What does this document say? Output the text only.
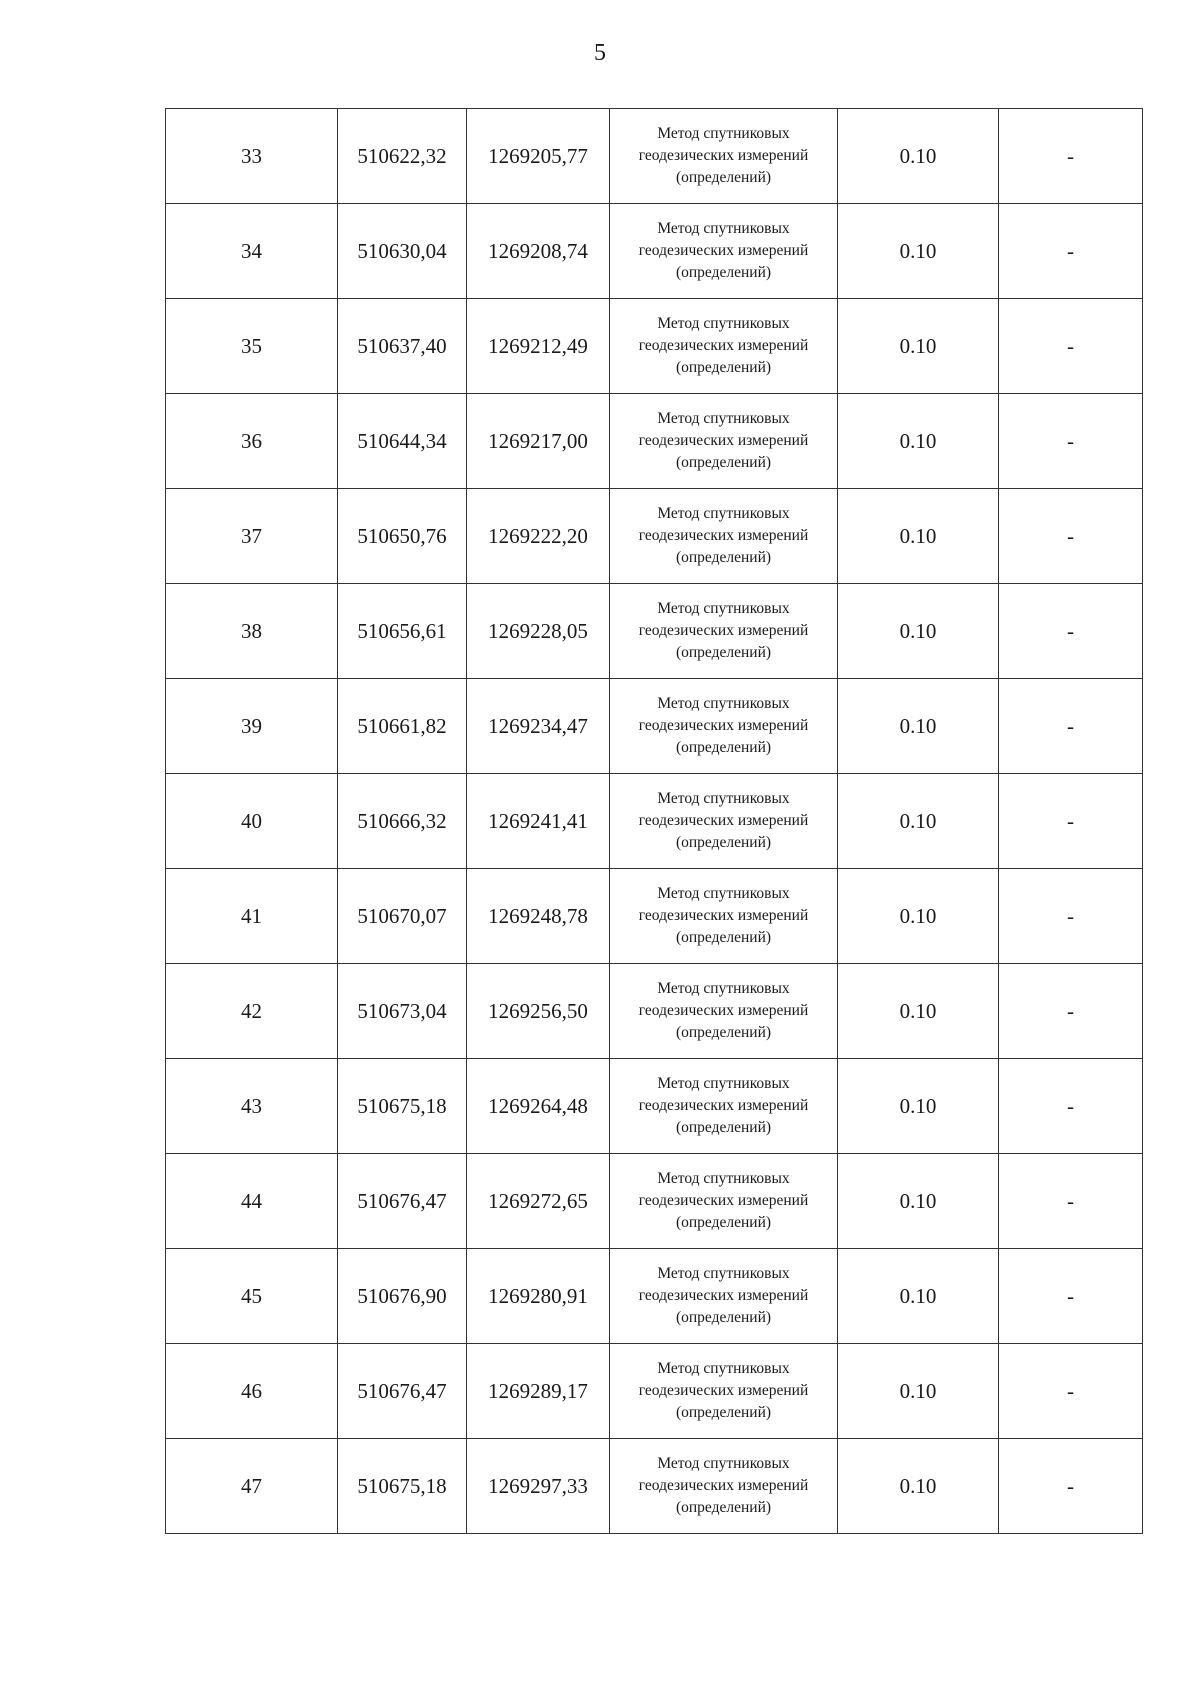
5
33	510622,32	1269205,77	Метод спутниковых
геодезических измерений
(определений)	0.10	-
34	510630,04	1269208,74	Метод спутниковых
геодезических измерений
(определений)	0.10	-
35	510637,40	1269212,49	Метод спутниковых
геодезических измерений
(определений)	0.10	-
36	510644,34	1269217,00	Метод спутниковых
геодезических измерений
(определений)	0.10	-
37	510650,76	1269222,20	Метод спутниковых
геодезических измерений
(определений)	0.10	-
38	510656,61	1269228,05	Метод спутниковых
геодезических измерений
(определений)	0.10	-
39	510661,82	1269234,47	Метод спутниковых
геодезических измерений
(определений)	0.10	-
40	510666,32	1269241,41	Метод спутниковых
геодезических измерений
(определений)	0.10	-
41	510670,07	1269248,78	Метод спутниковых
геодезических измерений
(определений)	0.10	-
42	510673,04	1269256,50	Метод спутниковых
геодезических измерений
(определений)	0.10	-
43	510675,18	1269264,48	Метод спутниковых
геодезических измерений
(определений)	0.10	-
44	510676,47	1269272,65	Метод спутниковых
геодезических измерений
(определений)	0.10	-
45	510676,90	1269280,91	Метод спутниковых
геодезических измерений
(определений)	0.10	-
46	510676,47	1269289,17	Метод спутниковых
геодезических измерений
(определений)	0.10	-
47	510675,18	1269297,33	Метод спутниковых
геодезических измерений
(определений)	0.10	-
